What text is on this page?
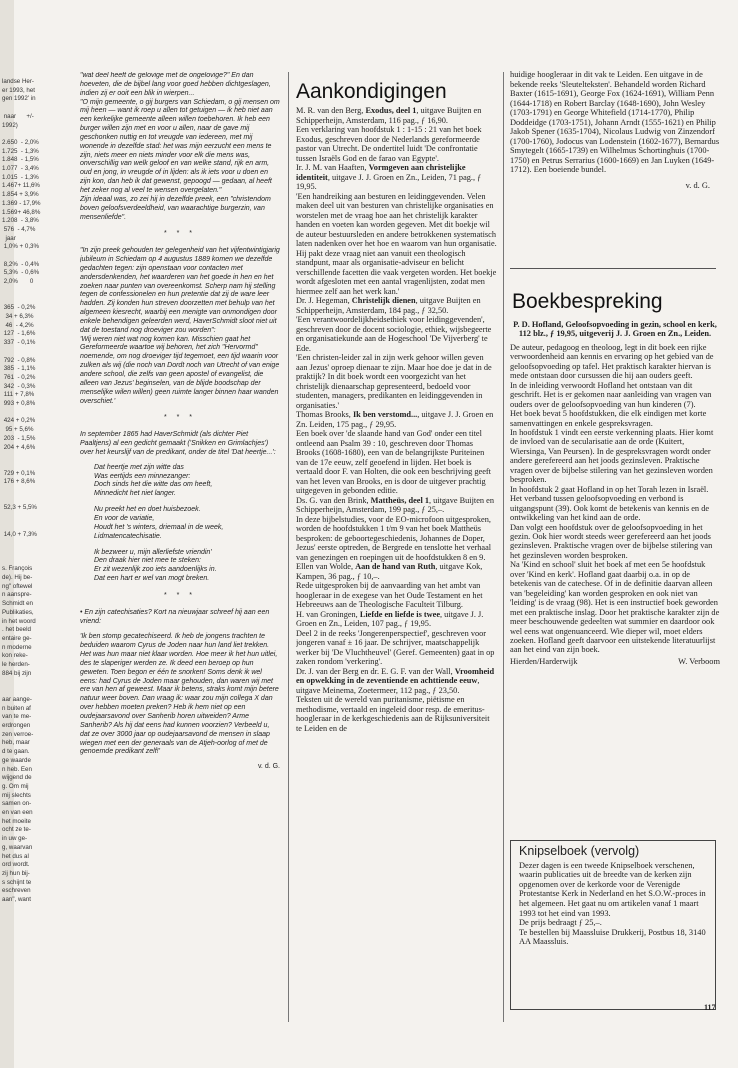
landse Her-
er 1993, het
gen 1992' in

naar      +/-
1992)

2.650  - 2,0%
1.725  - 1,3%
1.848  - 1,5%
1.077  - 3,4%
1.015  - 1,3%
1.467+ 11,6%
1.854 + 3,9%
1.369 - 17,9%
1.569+ 46,8%
1.208  - 3,8%
576  - 4,7%
jaar
1,0% + 0,3%

8,2%  - 0,4%
5,3%  - 0,6%
2,0%       0

365  - 0,2%
34 + 6,3%
46  - 4,2%
127  - 1,6%
337  - 0,1%

792  - 0,8%
385  - 1,1%
761  - 0,2%
342  - 0,3%
111 + 7,8%
993 + 0,8%

424 + 0,2%
95 + 5,6%
203  - 1,5%
204 + 4,6%

729 + 0,1%
176 + 8,6%

52,3 + 5,5%

14,0 + 7,3%

s. François
de). Hij be-
ng" oftewel
n aanspre-
Schmidt en
Publikaties,
in het woord
. het beeld
entaire ge-
n moderne
kon reke-
le herden-
884 bij zijn

aar aange-
n buiten af
van te me-
erdrongen
zen verroe-
heb, maar
d te gaan.
ge waarde
n heb. Een
wijgend de
g. Om mij
mij slechts
samen on-
en van een
het moeite
ocht ze te-
in uw ge-
g, waarvan
het dus al
ord wordt.
zij hun bij-
s schijnt te
eschreven
aan", want

"wat deel heeft de gelovige met de ongelovige?" En dan hoeveten, die de bijbel lang voor goed hebben dichtgeslagen, indien zij er ooit een blik in wierpen...

"O mijn gemeente, o gij burgers van Schiedam, o gij mensen om mij heen — want ik roep u allen tot getuigen — ik heb niet aan een kerkelijke gemeente alleen willen toebehoren. Ik heb een burger willen zijn met en voor u allen, naar de gave mij geschonken nuttig en tot vreugde van iedereen, met mij wonende in dezelfde stad: het was mijn eerzucht een mens te zijn, niets meer en niets minder voor elk die mens was, onverschillig van welk geloof en van welke stand, rijk en arm, oud en jong, in vreugde of in lijden: als ik iets voor u doen en zijn kon, dan heb ik dat gewenst, gepoogd — gedaan, al heeft het zeker nog al veel te wensen overgelaten."

Zijn ideaal was, zo zei hij in dezelfde preek, een "christendom boven geloofsverdeeldheid, van waarachtige burgerzin, van mensenliefde".

* * *

"In zijn preek gehouden ter gelegenheid van het vijfentwintigjarig jubileum in Schiedam op 4 augustus 1889 komen we dezelfde gedachten tegen: zijn openstaan voor contacten met andersdenkenden, het waarderen van het goede in hen en het zoeken naar punten van overeenkomst. Scherp nam hij stelling tegen de confessionelen en hun pretentie dat zij de ware leer hadden. Zij konden hun streven doorzetten met behulp van het algemeen kiesrecht, waarbij een menigte van onmondigen door enkele behendigen geleerden werd, HaverSchmidt sloot niet uit dat de toestand nog droeviger zou worden":

'Wij weren niet wat nog komen kan. Misschien gaat het Gereformeerde waartoe wij behoren, het zich "Hervormd" noemende, om nog droeviger tijd tegemoet, een tijd waarin voor zulken als wij (die noch van Dordt noch van Utrecht of van enige andere school, die zelfs van geen apostel of evangelist, die alleen van Jezus' beginselen, van de blijde boodschap der menselijke wilen willen) geen ruimte langer binnen haar wanden overschiet.'

* * *

In september 1865 had HaverSchmidt (als dichter Piet Paaltjens) al een gedicht gemaakt ('Snikken en Grimlachjes') over het keurslijf van de predikant, onder de titel 'Dat heertje...':

Dat heertje met zijn witte das

Was eertijds een minnezanger:

Doch sinds het die witte das om heeft,

Minnedicht het niet langer.

Nu preekt het en doet huisbezoek.

En voor de variatie,

Houdt het 's winters, driemaal in de week,

Lidmatencatechisatie.

Ik bezweer u, mijn allerliefste vriendin'

Den draak hier niet mee te steken:

Er zit wezenlijk zoo iets aandoenlijks in.

Dat een hart er wel van mogt breken.

* * *

• En zijn catechisaties? Kort na nieuwjaar schreef hij aan een vriend:

'Ik ben stomp gecatechiseerd. Ik heb de jongens trachten te beduiden waarom Cyrus de Joden naar hun land liet trekken. Het was hun maar niet klaar worden. Hoe meer ik het hun uitlei, des te slaperiger werden ze. Ik deed een beroep op hun geweten. Toen begon er één te snorken! Soms denk ik wel eens: had Cyrus de Joden maar gehouden, dan waren wij met ere van hen af geweest. Maar ik betens, straks komt mijn betere natuur weer boven. Dan vraag ik: waar zou mijn collega X dan over hebben moeten preken? Heb ik hem niet op een oudejaarsavond over Sanherib horen uitweiden? Arme Sanherib? Als hij dat eens had kunnen voorzien? Verbeeld u, dat ze over 3000 jaar op oudejaarsavond de mensen in slaap wiegen met een der generaals van de Atjeh-oorlog of met de genoemde predikant zelf!'

v. d. G.

Aankondigingen

M. R. van den Berg, Exodus, deel 1, uitgave Buijten en Schipperheijn, Amsterdam, 116 pag., ƒ 16,90.

Een verklaring van hoofdstuk 1 : 1-15 : 21 van het boek Exodus, geschreven door de Nederlands gereformeerde pastor van Utrecht. De ondertitel luidt 'De confrontatie tussen Israëls God en de farao van Egypte'.

Ir. J. M. van Haaften, Vormgeven aan christelijke identiteit, uitgave J. J. Groen en Zn., Leiden, 71 pag., ƒ 19,95.

'Een handreiking aan besturen en leidinggevenden. Velen maken deel uit van besturen van christelijke organisaties en worstelen met de vraag hoe aan het christelijk karakter handen en voeten kan worden gegeven. Met dit boekje wil de auteur bestuursleden en andere betrokkenen systematisch laten nadenken over het hoe en waarom van hun organisatie. Hij pakt deze vraag niet aan vanuit een theologisch standpunt, maar als organisatie-adviseur en belicht verschillende facetten die vaak vergeten worden. Het boekje wordt afgesloten met een aantal vragenlijsten, zodat men hiermee zelf aan het werk kan.'

Dr. J. Hegeman, Christelijk dienen, uitgave Buijten en Schipperheijn, Amsterdam, 184 pag., ƒ 32,50.

'Een verantwoordelijkheidsethiek voor leidinggevenden', geschreven door de docent sociologie, ethiek, wijsbegeerte en organisatiekunde aan de Hogeschool 'De Vijverberg' te Ede.

'Een christen-leider zal in zijn werk gehoor willen geven aan Jezus' oproep dienaar te zijn. Maar hoe doe je dat in de praktijk? In dit boek wordt een voorgezicht van het christelijk dienaarschap gepresenteerd, bedoeld voor studenten, managers, predikanten en leidinggevenden in organisaties.'

Thomas Brooks, Ik ben verstomd..., uitgave J. J. Groen en Zn. Leiden, 175 pag., ƒ 29,95.

Een boek over 'de slaande hand van God' onder een titel ontleend aan Psalm 39 : 10, geschreven door Thomas Brooks (1608-1680), een van de belangrijkste Puriteinen van de 17e eeuw, zelf geoefend in lijden. Het boek is vertaald door F. van Holten, die ook een beschrijving geeft van het leven van Brooks, en is door de uitgever prachtig uitgegeven in gebonden editie.

Ds. G. van den Brink, Mattheüs, deel 1, uitgave Buijten en Schipperheijn, Amsterdam, 199 pag., ƒ 25,–.

In deze bijbelstudies, voor de EO-microfoon uitgesproken, worden de hoofdstukken 1 t/m 9 van het boek Mattheüs besproken: de geboortegeschiedenis, Johannes de Doper, Jezus' eerste optreden, de Bergrede en tenslotte het verhaal van genezingen en roepingen uit de hoofdstukken 8 en 9.

Ellen van Wolde, Aan de hand van Ruth, uitgave Kok, Kampen, 36 pag., ƒ 10,–.

Rede uitgesproken bij de aanvaarding van het ambt van hoogleraar in de exegese van het Oude Testament en het Hebreeuws aan de Theologische Faculteit Tilburg.

H. van Groningen, Liefde en liefde is twee, uitgave J. J. Groen en Zn., Leiden, 107 pag., ƒ 19,95.

Deel 2 in de reeks 'Jongerenperspectief', geschreven voor jongeren vanaf ± 16 jaar. De schrijver, maatschappelijk werker bij 'De Vluchtheuvel' (Geref. Gemeenten) gaat in op zaken rondom 'verkering'.

Dr. J. van der Berg en dr. E. G. F. van der Wall, Vroomheid en opwekking in de zeventiende en achttiende eeuw, uitgave Meinema, Zoetermeer, 112 pag., ƒ 23,50.

Teksten uit de wereld van puritanisme, piëtisme en methodisme, vertaald en ingeleid door resp. de emeritus-hoogleraar in de kerkgeschiedenis aan de Rijksuniversiteit te Leiden en de

huidige hoogleraar in dit vak te Leiden. Een uitgave in de bekende reeks 'Sleutelteksten'. Behandeld worden Richard Baxter (1615-1691), George Fox (1624-1691), William Penn (1644-1718) en Robert Barclay (1648-1690), John Wesley (1703-1791) en George Whitefield (1714-1770), Philip Doddeidge (1703-1751), Johann Arndt (1555-1621) en Philip Jakob Spener (1635-1704), Nicolaus Ludwig von Zinzendorf (1700-1760), Jodocus van Lodenstein (1602-1677), Bernardus Smytegelt (1665-1739) en Wilhelmus Schortinghuis (1700-1750) en Petrus Serrarius (1600-1669) en Jan Luyken (1649-1712). Een boeiende bundel.

v. d. G.

Boekbespreking

P. D. Hofland, Geloofsopvoeding in gezin, school en kerk, 112 blz., ƒ 19,95, uitgeverij J. J. Groen en Zn., Leiden.

De auteur, pedagoog en theoloog, legt in dit boek een rijke verwoordenheid aan kennis en ervaring op het gebied van de geloofsopvoeding op tafel. Het praktisch karakter hiervan is mede ontstaan door cursussen die hij aan ouders geeft.

In de inleiding verwoordt Hofland het ontstaan van dit geschrift. Het is er gekomen naar aanleiding van vragen van ouders over de geloofsopvoeding van hun kinderen (7).

Het boek bevat 5 hoofdstukken, die elk eindigen met korte samenvattingen en enkele gespreksvragen.

In hoofdstuk 1 vindt een eerste verkenning plaats. Hier komt de invloed van de secularisatie aan de orde (Kuitert, Wiersinga, Van Peursen). In de gespreksvragen wordt onder andere gerefereerd aan het joods gezinsleven. Praktische vragen over de bijbelse stilering van het gezinsleven worden besproken.

In hoofdstuk 2 gaat Hofland in op het Torah lezen in Israël. Het verband tussen geloofsopvoeding en verbond is uitgangspunt (39). Ook komt de betekenis van kennis en de ontwikkeling van het kind aan de orde.

Dan volgt een hoofdstuk over de geloofsopvoeding in het gezin. Ook hier wordt steeds weer gerefereerd aan het joods gezinsleven. Praktische vragen over de bijbelse stilering van het gezinsleven worden besproken.

Na 'Kind en school' sluit het boek af met een 5e hoofdstuk over 'Kind en kerk'. Hofland gaat daarbij o.a. in op de betekenis van de catechese. Of in de definitie daarvan alleen van 'begeleiding' kan worden gesproken en ook niet van 'leiding' is de vraag (98). Het is een instructief boek geworden met een praktische inslag. Door het praktische karakter zijn de meer beschouwende gedeelten wat summier en daardoor ook wel eens wat ongenuanceerd. Wie dieper wil, moet elders zoeken. Hofland geeft daarvoor een uitstekende literatuurlijst aan het eind van zijn boek.

Hierden/Harderwijk	W. Verboom

Knipselboek (vervolg)

Dezer dagen is een tweede Knipselboek verschenen, waarin publicaties uit de breedte van de kerken zijn opgenomen over de kerkorde voor de Verenigde Protestantse Kerk in Nederland en het S.O.W.-proces in het algemeen. Het gaat nu om artikelen vanaf 1 maart 1993 tot het eind van 1993.

De prijs bedraagt ƒ 25,–.

Te bestellen bij Maassluise Drukkerij, Postbus 18, 3140 AA Maassluis.

117
